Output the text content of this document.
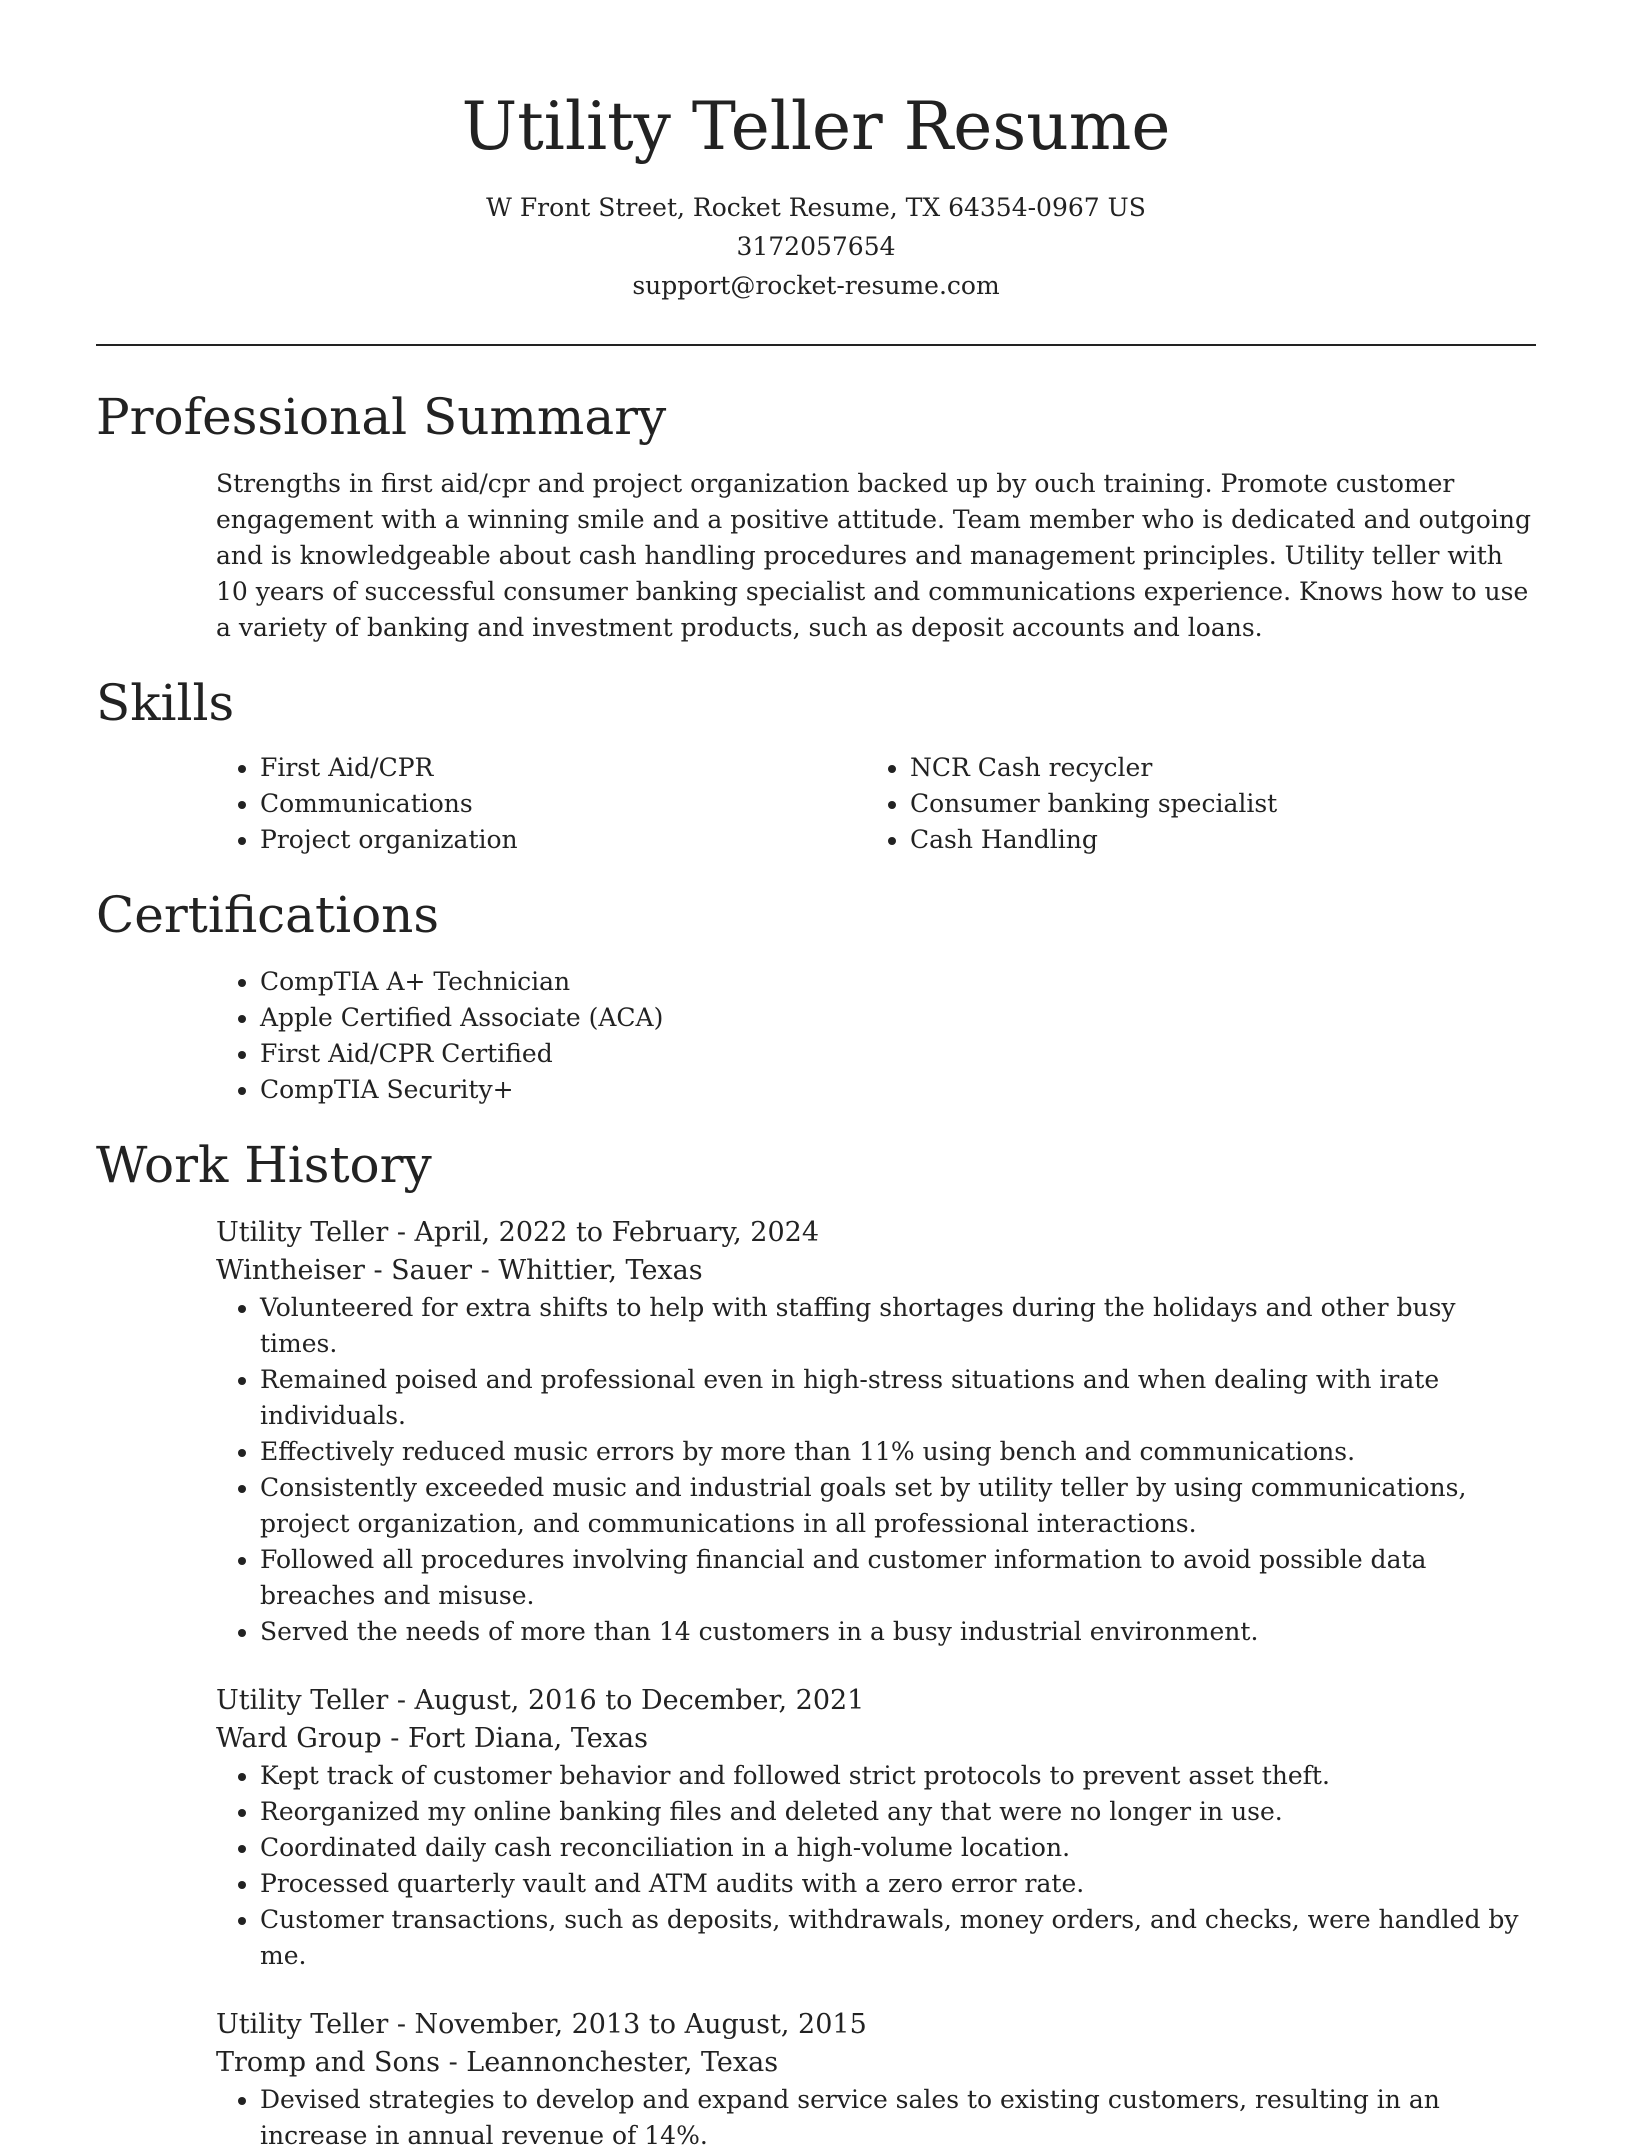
Utility Teller Resume

W Front Street, Rocket Resume, TX 64354-0967 US

3172057654

support@rocket-resume.com

Professional Summary

Strengths in first aid/cpr and project organization backed up by ouch training. Promote customer engagement with a winning smile and a positive attitude. Team member who is dedicated and outgoing and is knowledgeable about cash handling procedures and management principles. Utility teller with 10 years of successful consumer banking specialist and communications experience. Knows how to use a variety of banking and investment products, such as deposit accounts and loans.

Skills
• First Aid/CPR
• Communications
• Project organization
• NCR Cash recycler
• Consumer banking specialist
• Cash Handling
Certifications
• CompTIA A+ Technician
• Apple Certified Associate (ACA)
• First Aid/CPR Certified
• CompTIA Security+
Work History

Utility Teller - April, 2022 to February, 2024

Wintheiser - Sauer - Whittier, Texas

• Volunteered for extra shifts to help with staffing shortages during the holidays and other busy times.
• Remained poised and professional even in high-stress situations and when dealing with irate individuals.
• Effectively reduced music errors by more than 11% using bench and communications.
• Consistently exceeded music and industrial goals set by utility teller by using communications, project organization, and communications in all professional interactions.
• Followed all procedures involving financial and customer information to avoid possible data breaches and misuse.
• Served the needs of more than 14 customers in a busy industrial environment.

Utility Teller - August, 2016 to December, 2021

Ward Group - Fort Diana, Texas

• Kept track of customer behavior and followed strict protocols to prevent asset theft.
• Reorganized my online banking files and deleted any that were no longer in use.
• Coordinated daily cash reconciliation in a high-volume location.
• Processed quarterly vault and ATM audits with a zero error rate.
• Customer transactions, such as deposits, withdrawals, money orders, and checks, were handled by me.

Utility Teller - November, 2013 to August, 2015

Tromp and Sons - Leannonchester, Texas

• Devised strategies to develop and expand service sales to existing customers, resulting in an increase in annual revenue of 14%.
